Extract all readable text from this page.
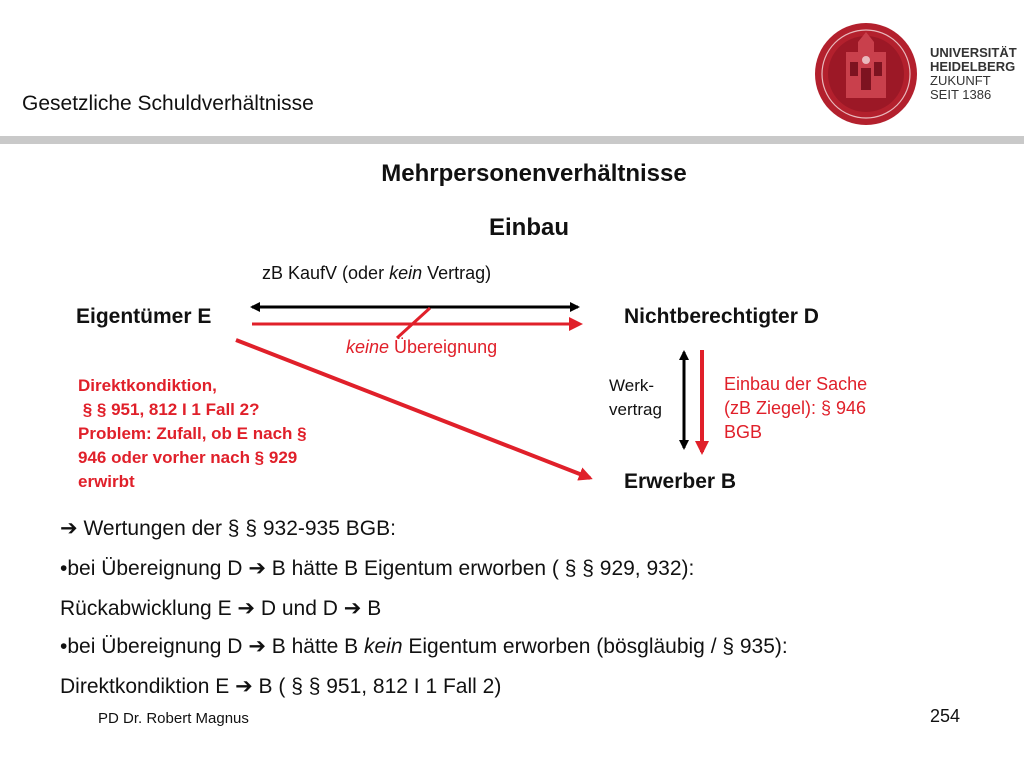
Gesetzliche Schuldverhältnisse
UNIVERSITÄT
HEIDELBERG
ZUKUNFT
SEIT 1386
Mehrpersonenverhältnisse
Einbau
zB KaufV (oder kein Vertrag)
Eigentümer E	Nichtberechtigter D
Erwerber B
keine Übereignung
Direktkondiktion,
§ § 951, 812 I 1 Fall 2?
Problem: Zufall, ob E nach §
946 oder vorher nach § 929
erwirbt
Werk-
vertrag
Einbau der Sache
(zB Ziegel): § 946
BGB
➔ Wertungen der § § 932-935 BGB:
•bei Übereignung D ➔ B hätte B Eigentum erworben ( § § 929, 932):
Rückabwicklung E ➔ D und D ➔ B
•bei Übereignung D ➔ B hätte B kein Eigentum erworben (bösgläubig / § 935):
Direktkondiktion E ➔ B ( § § 951, 812 I 1 Fall 2)
PD Dr. Robert Magnus	254
